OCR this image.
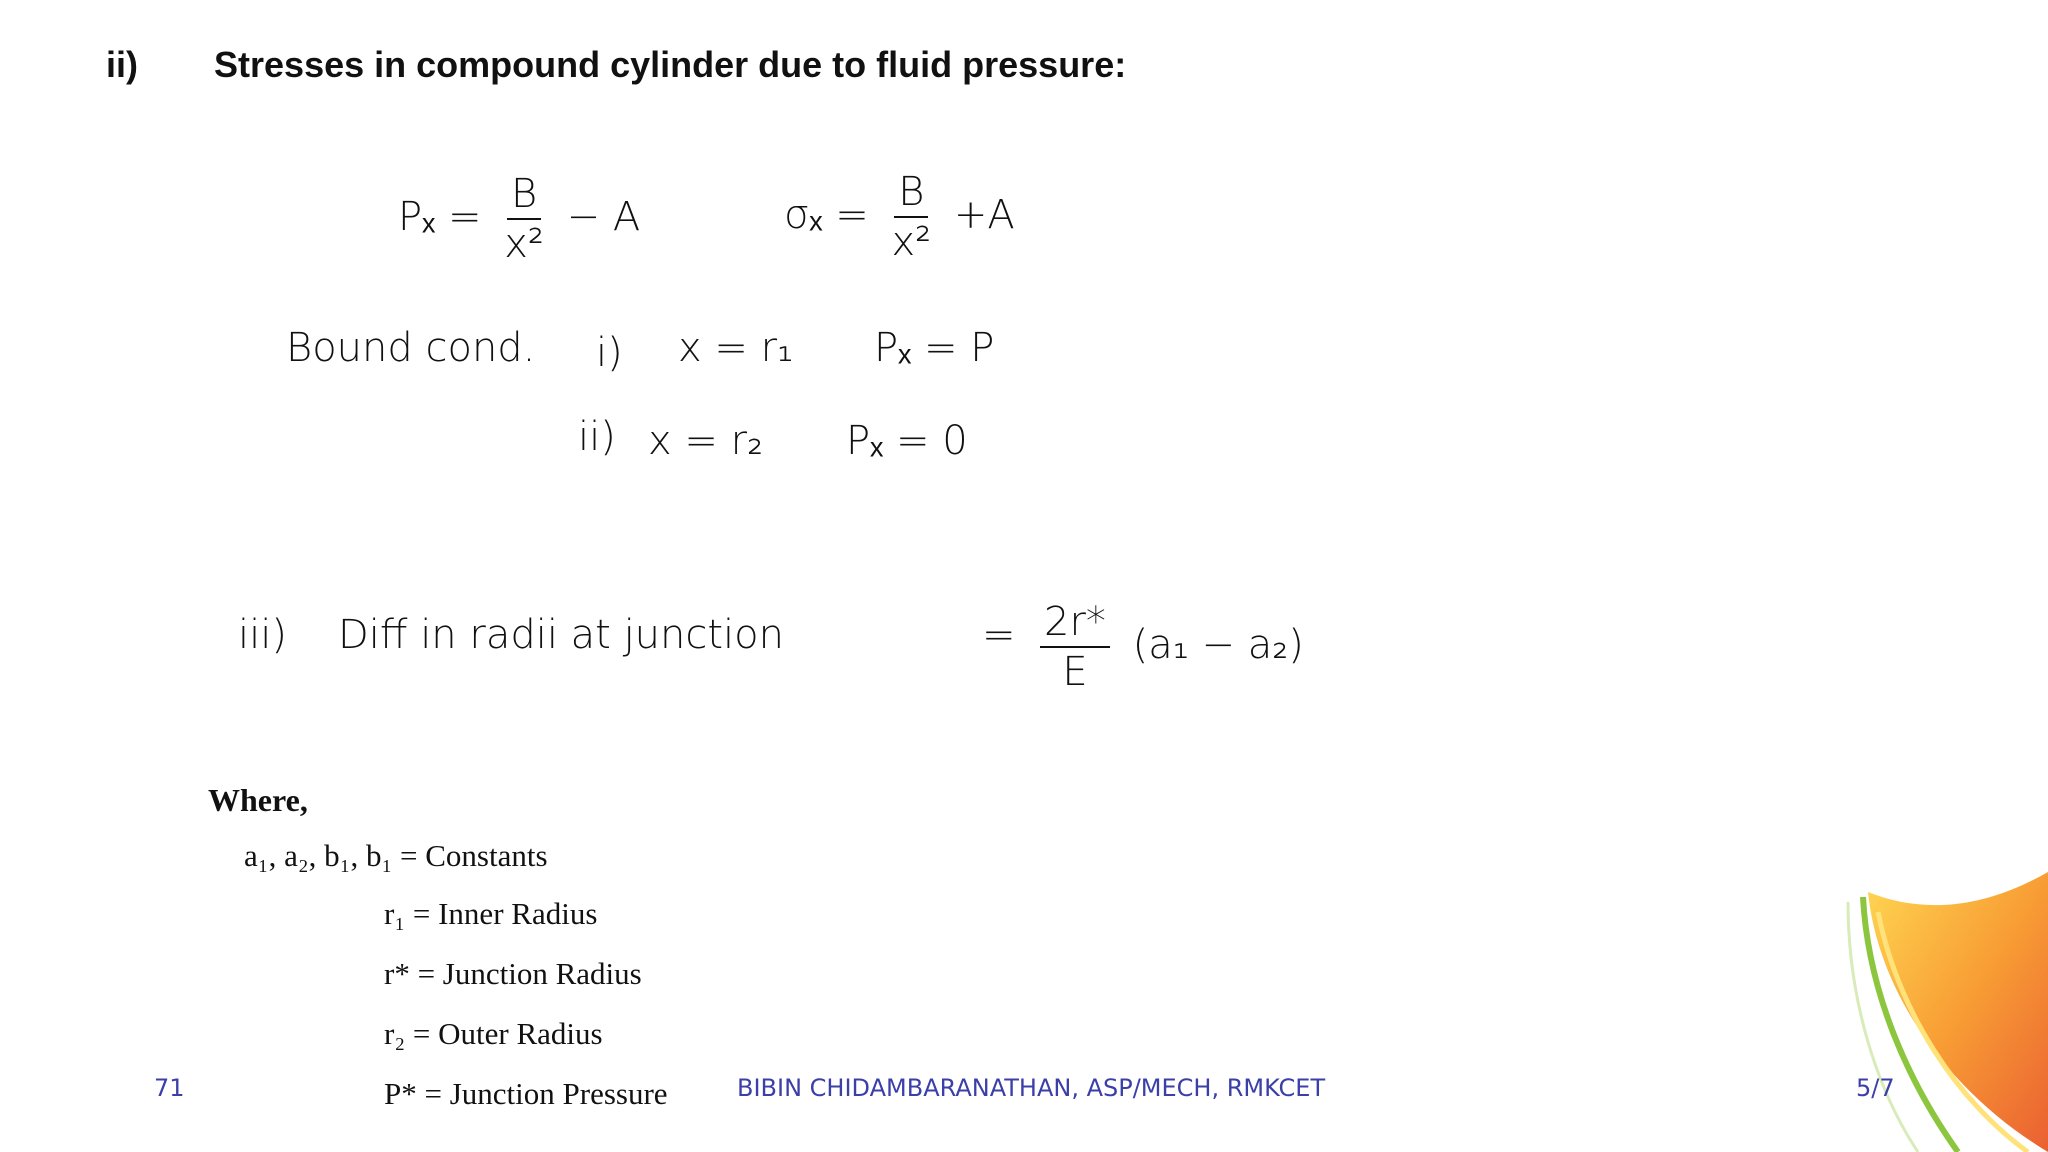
ii) Stresses in compound cylinder due to fluid pressure:
$P_x = \frac{B}{\text{x²}} - A$	$\sigma_x = \frac{B}{\text{x²}} +A$
Bound cond. i) x = r₁ Pₓ = P
ii) x = r₂ Pₓ = 0
iii) Diff in radii at junction	= $\frac{2r*}{E} (a_1 - a_2)$
Where,
a₁, a₂, b₁, b₁ = Constants
r₁ = Inner Radius
r* = Junction Radius
r₂ = Outer Radius
P* = Junction Pressure
71	BIBIN CHIDAMBARANATHAN, ASP/MECH, RMKCET	5/7
